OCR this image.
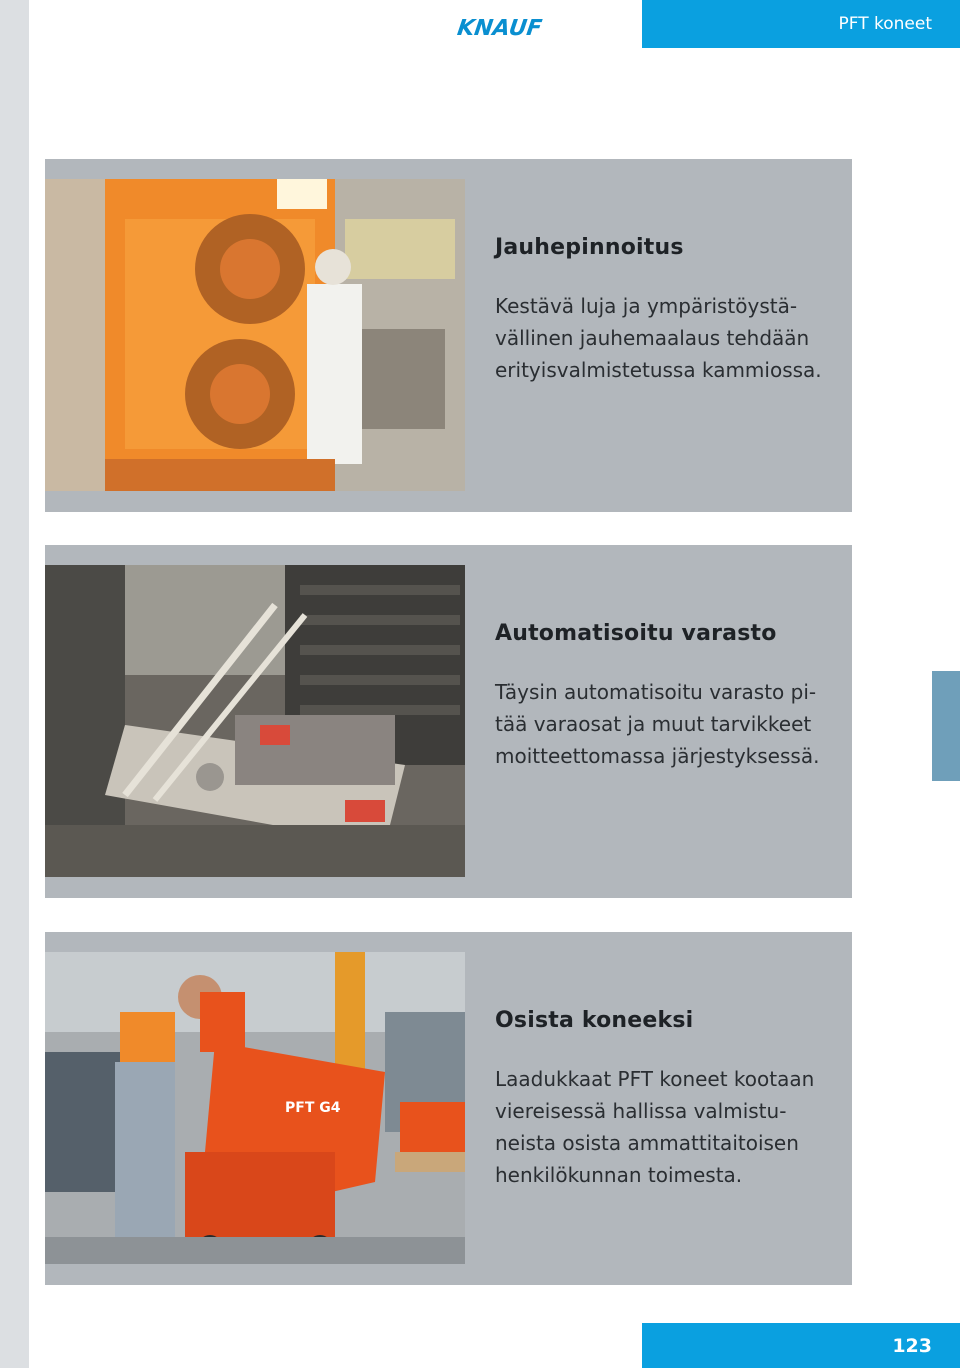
KNAUF	PFT koneet
Jauhepinnoitus

Kestävä luja ja ympäristöystä-
vällinen jauhemaalaus tehdään
erityisvalmistetussa kammiossa.

Automatisoitu varasto

Täysin automatisoitu varasto pi-
tää varaosat ja muut tarvikkeet
moitteettomassa järjestyksessä.

PFT G4
Osista koneeksi

Laadukkaat PFT koneet kootaan
viereisessä hallissa valmistu-
neista osista ammattitaitoisen
henkilökunnan toimesta.

123
